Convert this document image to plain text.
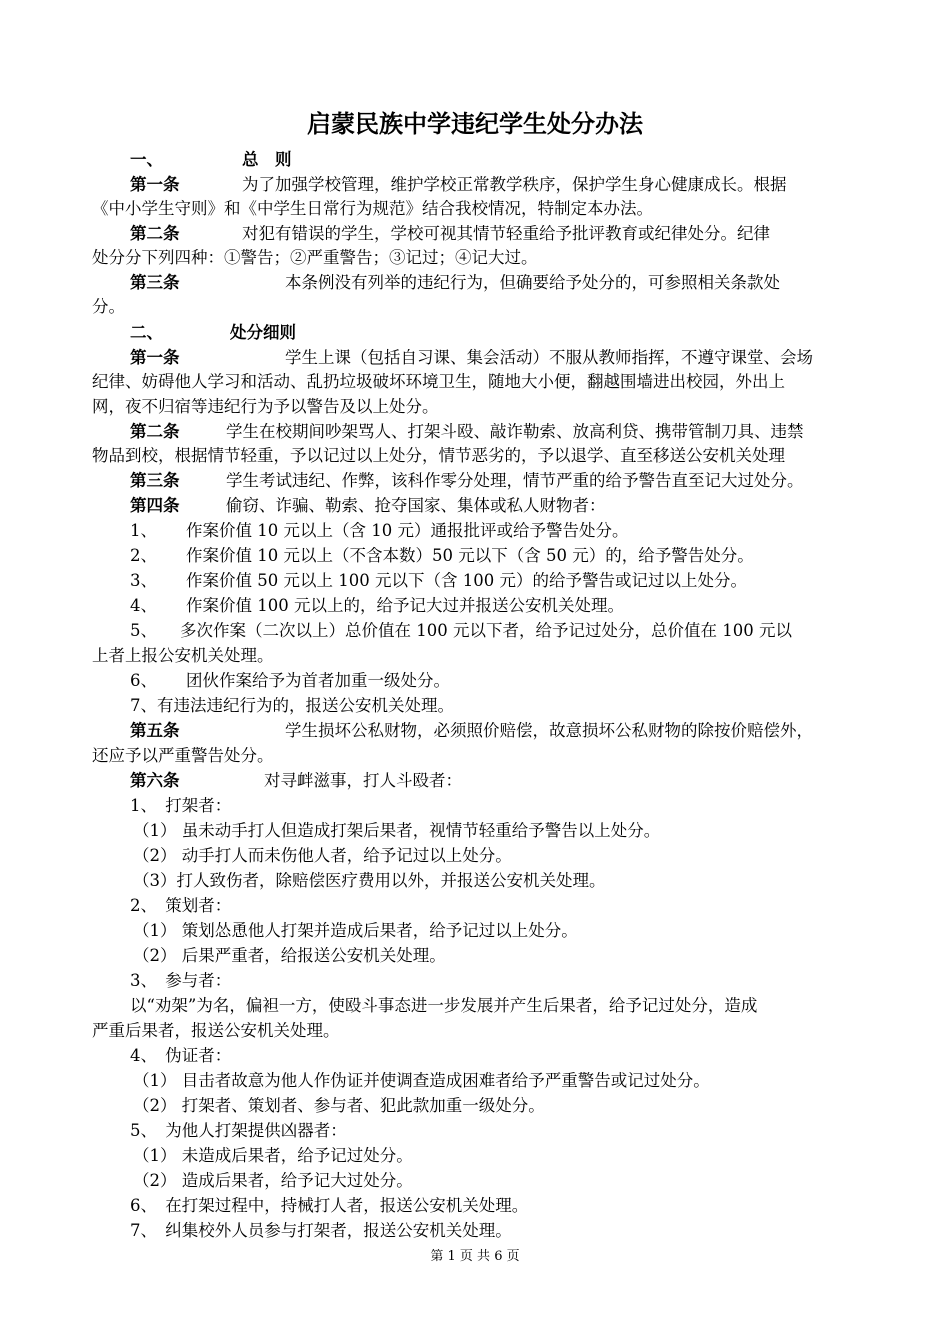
启蒙民族中学违纪学生处分办法
一、	总　则
第一条	为了加强学校管理，维护学校正常教学秩序，保护学生身心健康成长。根据
《中小学生守则》和《中学生日常行为规范》结合我校情况，特制定本办法。
第二条	对犯有错误的学生，学校可视其情节轻重给予批评教育或纪律处分。纪律
处分分下列四种：①警告；②严重警告；③记过；④记大过。
第三条	本条例没有列举的违纪行为，但确要给予处分的，可参照相关条款处
分。
二、	处分细则
第一条	学生上课（包括自习课、集会活动）不服从教师指挥，不遵守课堂、会场
纪律、妨碍他人学习和活动、乱扔垃圾破坏环境卫生，随地大小便，翻越围墙进出校园，外出上
网，夜不归宿等违纪行为予以警告及以上处分。
第二条	学生在校期间吵架骂人、打架斗殴、敲诈勒索、放高利贷、携带管制刀具、违禁
物品到校，根据情节轻重，予以记过以上处分，情节恶劣的，予以退学、直至移送公安机关处理
第三条	学生考试违纪、作弊，该科作零分处理，情节严重的给予警告直至记大过处分。
第四条	偷窃、诈骗、勒索、抢夺国家、集体或私人财物者：
1、 作案价值 10 元以上（含 10 元）通报批评或给予警告处分。
2、 作案价值 10 元以上（不含本数）50 元以下（含 50 元）的，给予警告处分。
3、 作案价值 50 元以上 100 元以下（含 100 元）的给予警告或记过以上处分。
4、 作案价值 100 元以上的，给予记大过并报送公安机关处理。
5、 多次作案（二次以上）总价值在 100 元以下者，给予记过处分，总价值在 100 元以
上者上报公安机关处理。
6、 团伙作案给予为首者加重一级处分。
7、有违法违纪行为的，报送公安机关处理。
第五条	学生损坏公私财物，必须照价赔偿，故意损坏公私财物的除按价赔偿外，
还应予以严重警告处分。
第六条	对寻衅滋事，打人斗殴者：
1、　打架者：
（1） 虽未动手打人但造成打架后果者，视情节轻重给予警告以上处分。
（2） 动手打人而未伤他人者，给予记过以上处分。
（3）打人致伤者，除赔偿医疗费用以外，并报送公安机关处理。
2、　策划者：
（1） 策划怂恿他人打架并造成后果者，给予记过以上处分。
（2） 后果严重者，给报送公安机关处理。
3、　参与者：
以“劝架”为名，偏袒一方，使殴斗事态进一步发展并产生后果者，给予记过处分，造成
严重后果者，报送公安机关处理。
4、　伪证者：
（1） 目击者故意为他人作伪证并使调查造成困难者给予严重警告或记过处分。
（2） 打架者、策划者、参与者、犯此款加重一级处分。
5、　为他人打架提供凶器者：
（1） 未造成后果者，给予记过处分。
（2） 造成后果者，给予记大过处分。
6、　在打架过程中，持械打人者，报送公安机关处理。
7、　纠集校外人员参与打架者，报送公安机关处理。
第 1 页 共 6 页
